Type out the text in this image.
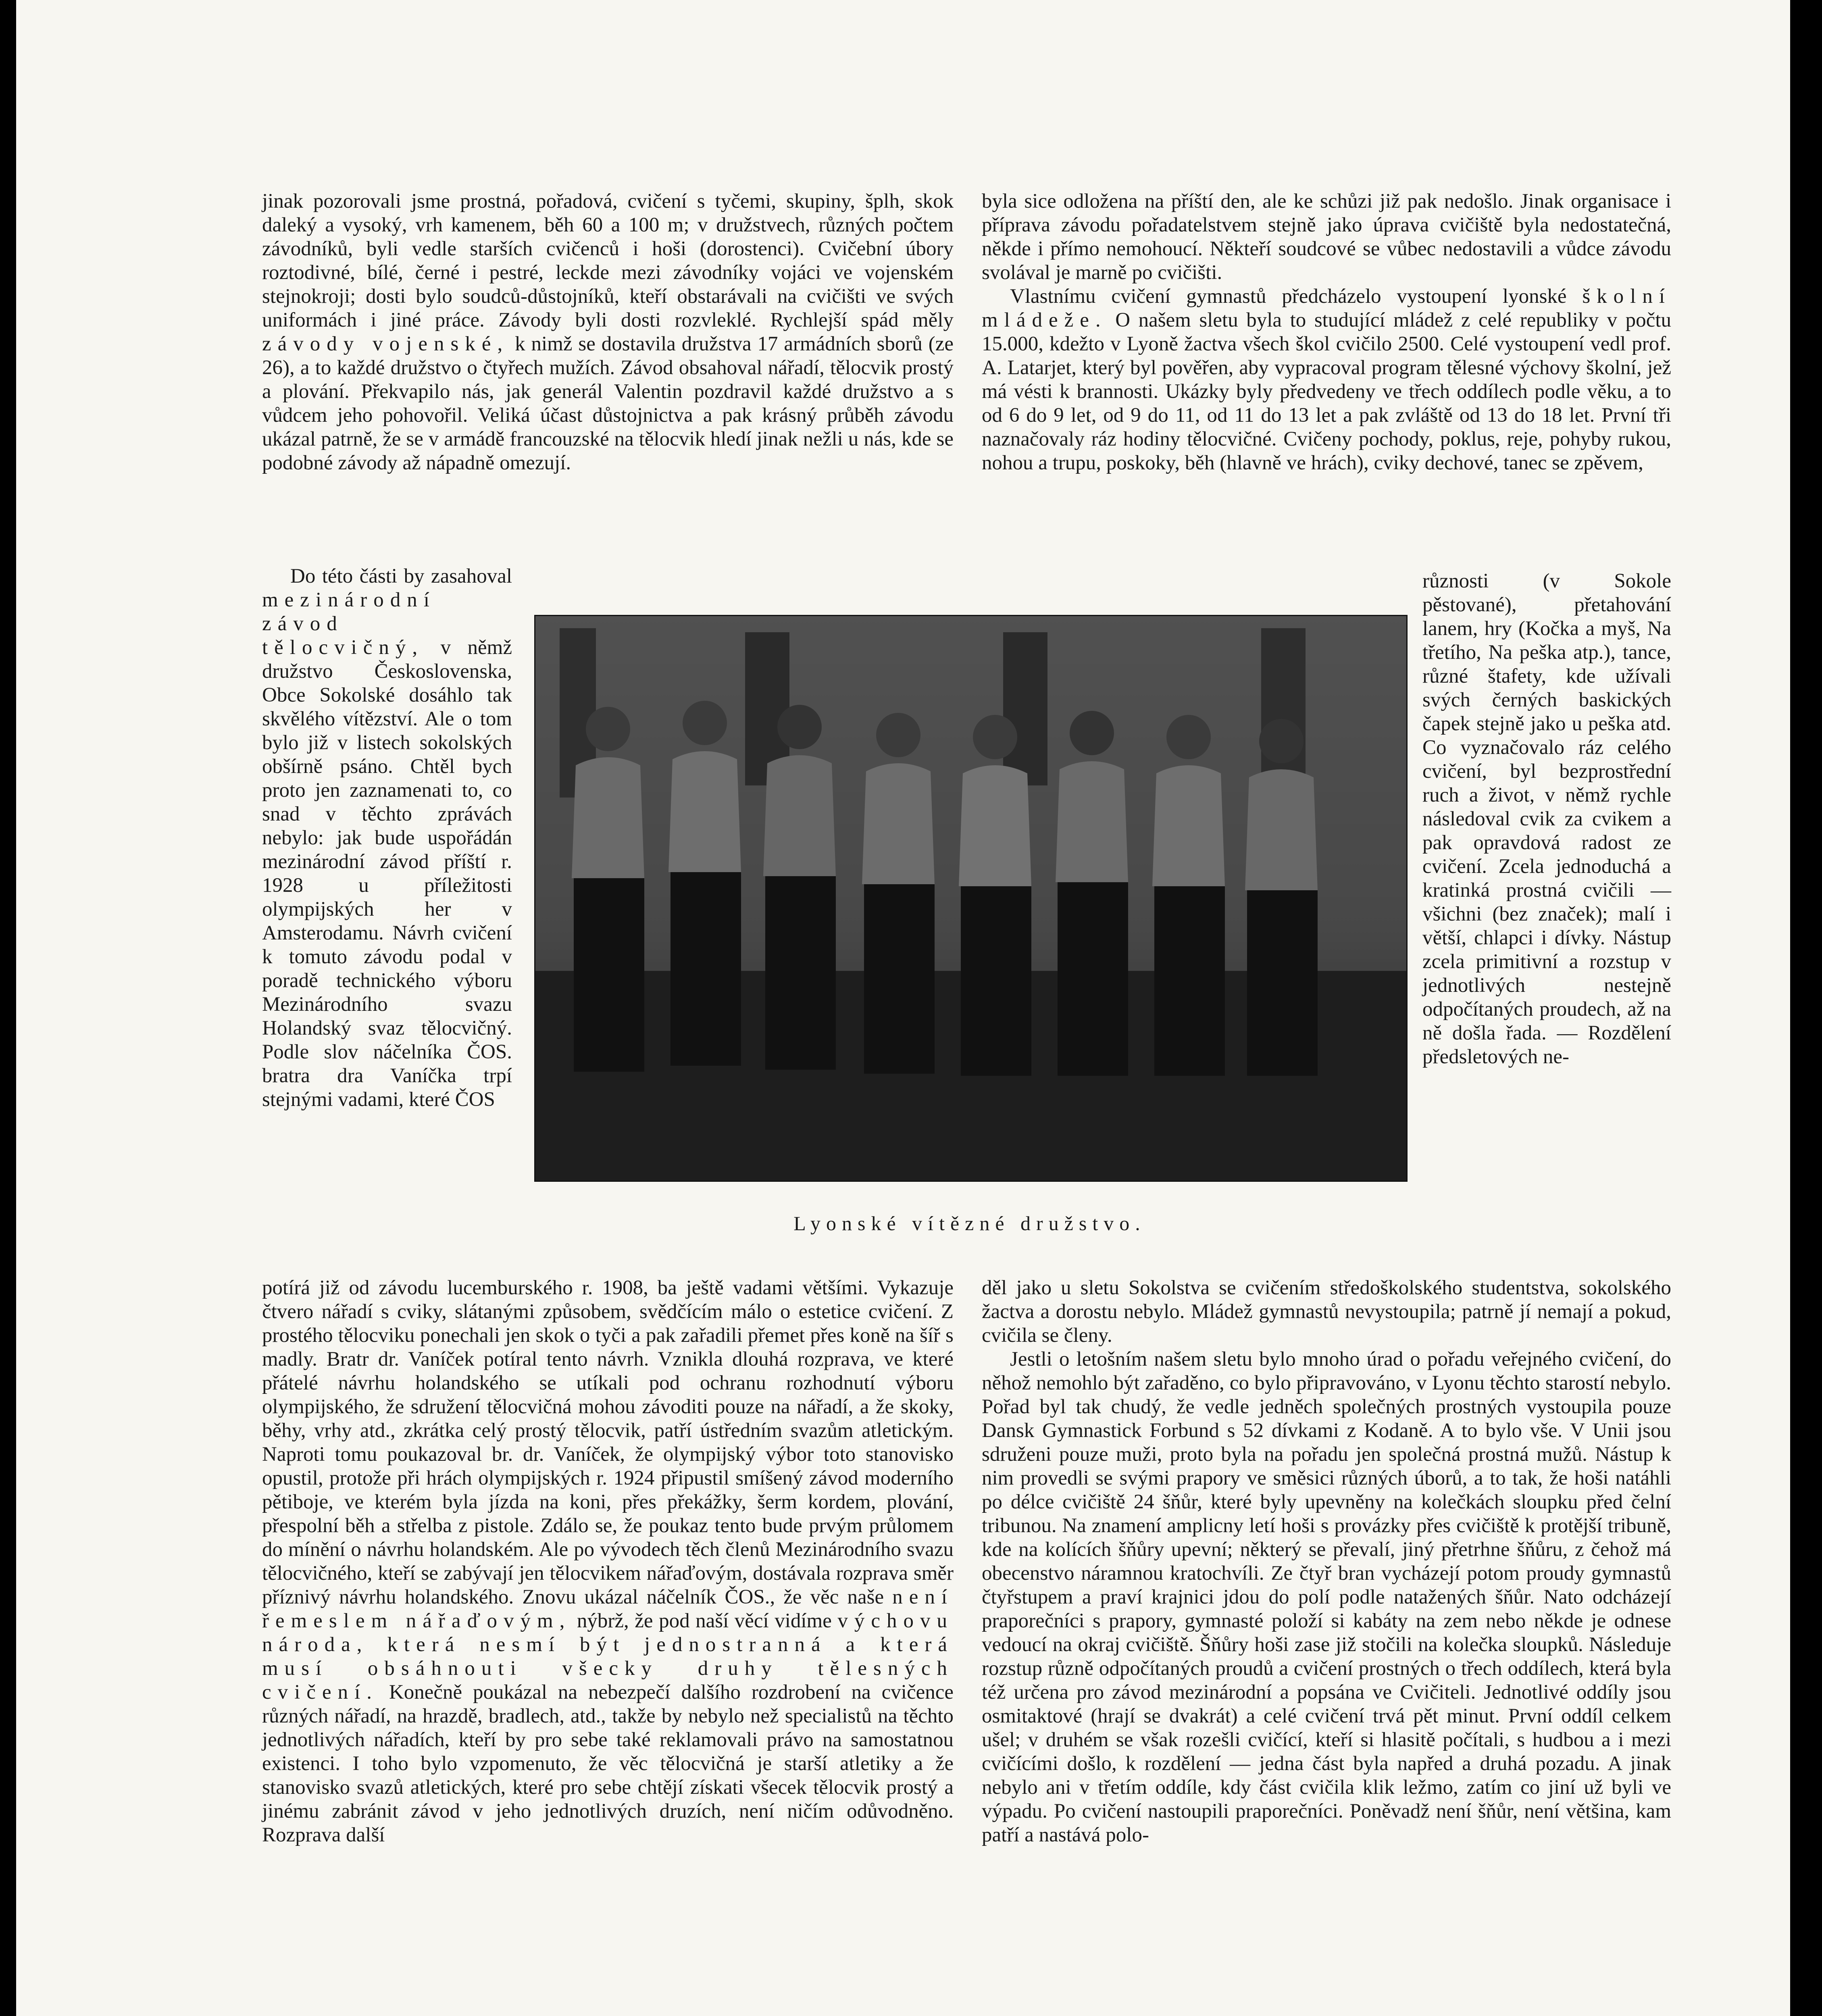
jinak pozorovali jsme prostná, pořadová, cvičení s tyčemi, skupiny, šplh, skok daleký a vysoký, vrh kamenem, běh 60 a 100 m; v družstvech, různých počtem závodníků, byli vedle starších cvičenců i hoši (dorostenci). Cvičební úbory roztodivné, bílé, černé i pestré, leckde mezi závodníky vojáci ve vojenském stejnokroji; dosti bylo soudců-důstojníků, kteří obstarávali na cvičišti ve svých uniformách i jiné práce. Závody byli dosti rozvleklé. Rychlejší spád měly závody vojenské, k nimž se dostavila družstva 17 armádních sborů (ze 26), a to každé družstvo o čtyřech mužích. Závod obsahoval nářadí, tělocvik prostý a plování. Překvapilo nás, jak generál Valentin pozdravil každé družstvo a s vůdcem jeho pohovořil. Veliká účast důstojnictva a pak krásný průběh závodu ukázal patrně, že se v armádě francouzské na tělocvik hledí jinak nežli u nás, kde se podobné závody až nápadně omezují.

Do této části by zasahoval mezinárodní závod tělocvičný, v němž družstvo Československa, Obce Sokolské dosáhlo tak skvělého vítězství. Ale o tom bylo již v listech sokolských obšírně psáno. Chtěl bych proto jen zaznamenati to, co snad v těchto zprávách nebylo: jak bude uspořádán mezinárodní závod příští r. 1928 u příležitosti olympijských her v Amsterodamu. Návrh cvičení k tomuto závodu podal v poradě technického výboru Mezinárodního svazu Holandský svaz tělocvičný. Podle slov náčelníka ČOS. bratra dra Vaníčka trpí stejnými vadami, které ČOS

Lyonské vítězné družstvo.

potírá již od závodu lucemburského r. 1908, ba ještě vadami většími. Vykazuje čtvero nářadí s cviky, slátanými způsobem, svědčícím málo o estetice cvičení. Z prostého tělocviku ponechali jen skok o tyči a pak zařadili přemet přes koně na šíř s madly. Bratr dr. Vaníček potíral tento návrh. Vznikla dlouhá rozprava, ve které přátelé návrhu holandského se utíkali pod ochranu rozhodnutí výboru olympijského, že sdružení tělocvičná mohou závoditi pouze na nářadí, a že skoky, běhy, vrhy atd., zkrátka celý prostý tělocvik, patří ústředním svazům atletickým. Naproti tomu poukazoval br. dr. Vaníček, že olympijský výbor toto stanovisko opustil, protože při hrách olympijských r. 1924 připustil smíšený závod moderního pětiboje, ve kterém byla jízda na koni, přes překážky, šerm kordem, plování, přespolní běh a střelba z pistole. Zdálo se, že poukaz tento bude prvým průlomem do mínění o návrhu holandském. Ale po vývodech těch členů Mezinárodního svazu tělocvičného, kteří se zabývají jen tělocvikem nářaďovým, dostávala rozprava směr příznivý návrhu holandského. Znovu ukázal náčelník ČOS., že věc naše není řemeslem nářaďovým, nýbrž, že pod naší věcí vidíme výchovu národa, která nesmí být jednostranná a která musí obsáhnouti všecky druhy tělesných cvičení. Konečně poukázal na nebezpečí dalšího rozdrobení na cvičence různých nářadí, na hrazdě, bradlech, atd., takže by nebylo než specialistů na těchto jednotlivých nářadích, kteří by pro sebe také reklamovali právo na samostatnou existenci. I toho bylo vzpomenuto, že věc tělocvičná je starší atletiky a že stanovisko svazů atletických, které pro sebe chtějí získati všecek tělocvik prostý a jinému zabránit závod v jeho jednotlivých druzích, není ničím odůvodněno. Rozprava další

byla sice odložena na příští den, ale ke schůzi již pak nedošlo. Jinak organisace i příprava závodu pořadatelstvem stejně jako úprava cvičiště byla nedostatečná, někde i přímo nemohoucí. Někteří soudcové se vůbec nedostavili a vůdce závodu svolával je marně po cvičišti.

Vlastnímu cvičení gymnastů předcházelo vystoupení lyonské školní mládeže. O našem sletu byla to studující mládež z celé republiky v počtu 15.000, kdežto v Lyoně žactva všech škol cvičilo 2500. Celé vystoupení vedl prof. A. Latarjet, který byl pověřen, aby vypracoval program tělesné výchovy školní, jež má vésti k brannosti. Ukázky byly předvedeny ve třech oddílech podle věku, a to od 6 do 9 let, od 9 do 11, od 11 do 13 let a pak zvláště od 13 do 18 let. První tři naznačovaly ráz hodiny tělocvičné. Cvičeny pochody, poklus, reje, pohyby rukou, nohou a trupu, poskoky, běh (hlavně ve hrách), cviky dechové, tanec se zpěvem,

různosti (v Sokole pěstované), přetahování lanem, hry (Kočka a myš, Na třetího, Na peška atp.), tance, různé štafety, kde užívali svých černých baskických čapek stejně jako u peška atd. Co vyznačovalo ráz celého cvičení, byl bezprostřední ruch a život, v němž rychle následoval cvik za cvikem a pak opravdová radost ze cvičení. Zcela jednoduchá a kratinká prostná cvičili — všichni (bez značek); malí i větší, chlapci i dívky. Nástup zcela primitivní a rozstup v jednotlivých nestejně odpočítaných proudech, až na ně došla řada. — Rozdělení předsletových ne-

děl jako u sletu Sokolstva se cvičením středoškolského studentstva, sokolského žactva a dorostu nebylo. Mládež gymnastů nevystoupila; patrně jí nemají a pokud, cvičila se členy.

Jestli o letošním našem sletu bylo mnoho úrad o pořadu veřejného cvičení, do něhož nemohlo být zařaděno, co bylo připravováno, v Lyonu těchto starostí nebylo. Pořad byl tak chudý, že vedle jedněch společných prostných vystoupila pouze Dansk Gymnastick Forbund s 52 dívkami z Kodaně. A to bylo vše. V Unii jsou sdruženi pouze muži, proto byla na pořadu jen společná prostná mužů. Nástup k nim provedli se svými prapory ve směsici různých úborů, a to tak, že hoši natáhli po délce cvičiště 24 šňůr, které byly upevněny na kolečkách sloupku před čelní tribunou. Na znamení amplicny letí hoši s provázky přes cvičiště k protější tribuně, kde na kolících šňůry upevní; některý se převalí, jiný přetrhne šňůru, z čehož má obecenstvo náramnou kratochvíli. Ze čtyř bran vycházejí potom proudy gymnastů čtyřstupem a praví krajnici jdou do polí podle natažených šňůr. Nato odcházejí praporečníci s prapory, gymnasté položí si kabáty na zem nebo někde je odnese vedoucí na okraj cvičiště. Šňůry hoši zase již stočili na kolečka sloupků. Následuje rozstup různě odpočítaných proudů a cvičení prostných o třech oddílech, která byla též určena pro závod mezinárodní a popsána ve Cvičiteli. Jednotlivé oddíly jsou osmitaktové (hrají se dvakrát) a celé cvičení trvá pět minut. První oddíl celkem ušel; v druhém se však rozešli cvičící, kteří si hlasitě počítali, s hudbou a i mezi cvičícími došlo, k rozdělení — jedna část byla napřed a druhá pozadu. A jinak nebylo ani v třetím oddíle, kdy část cvičila klik ležmo, zatím co jiní už byli ve výpadu. Po cvičení nastoupili praporečníci. Poněvadž není šňůr, není většina, kam patří a nastává polo-
